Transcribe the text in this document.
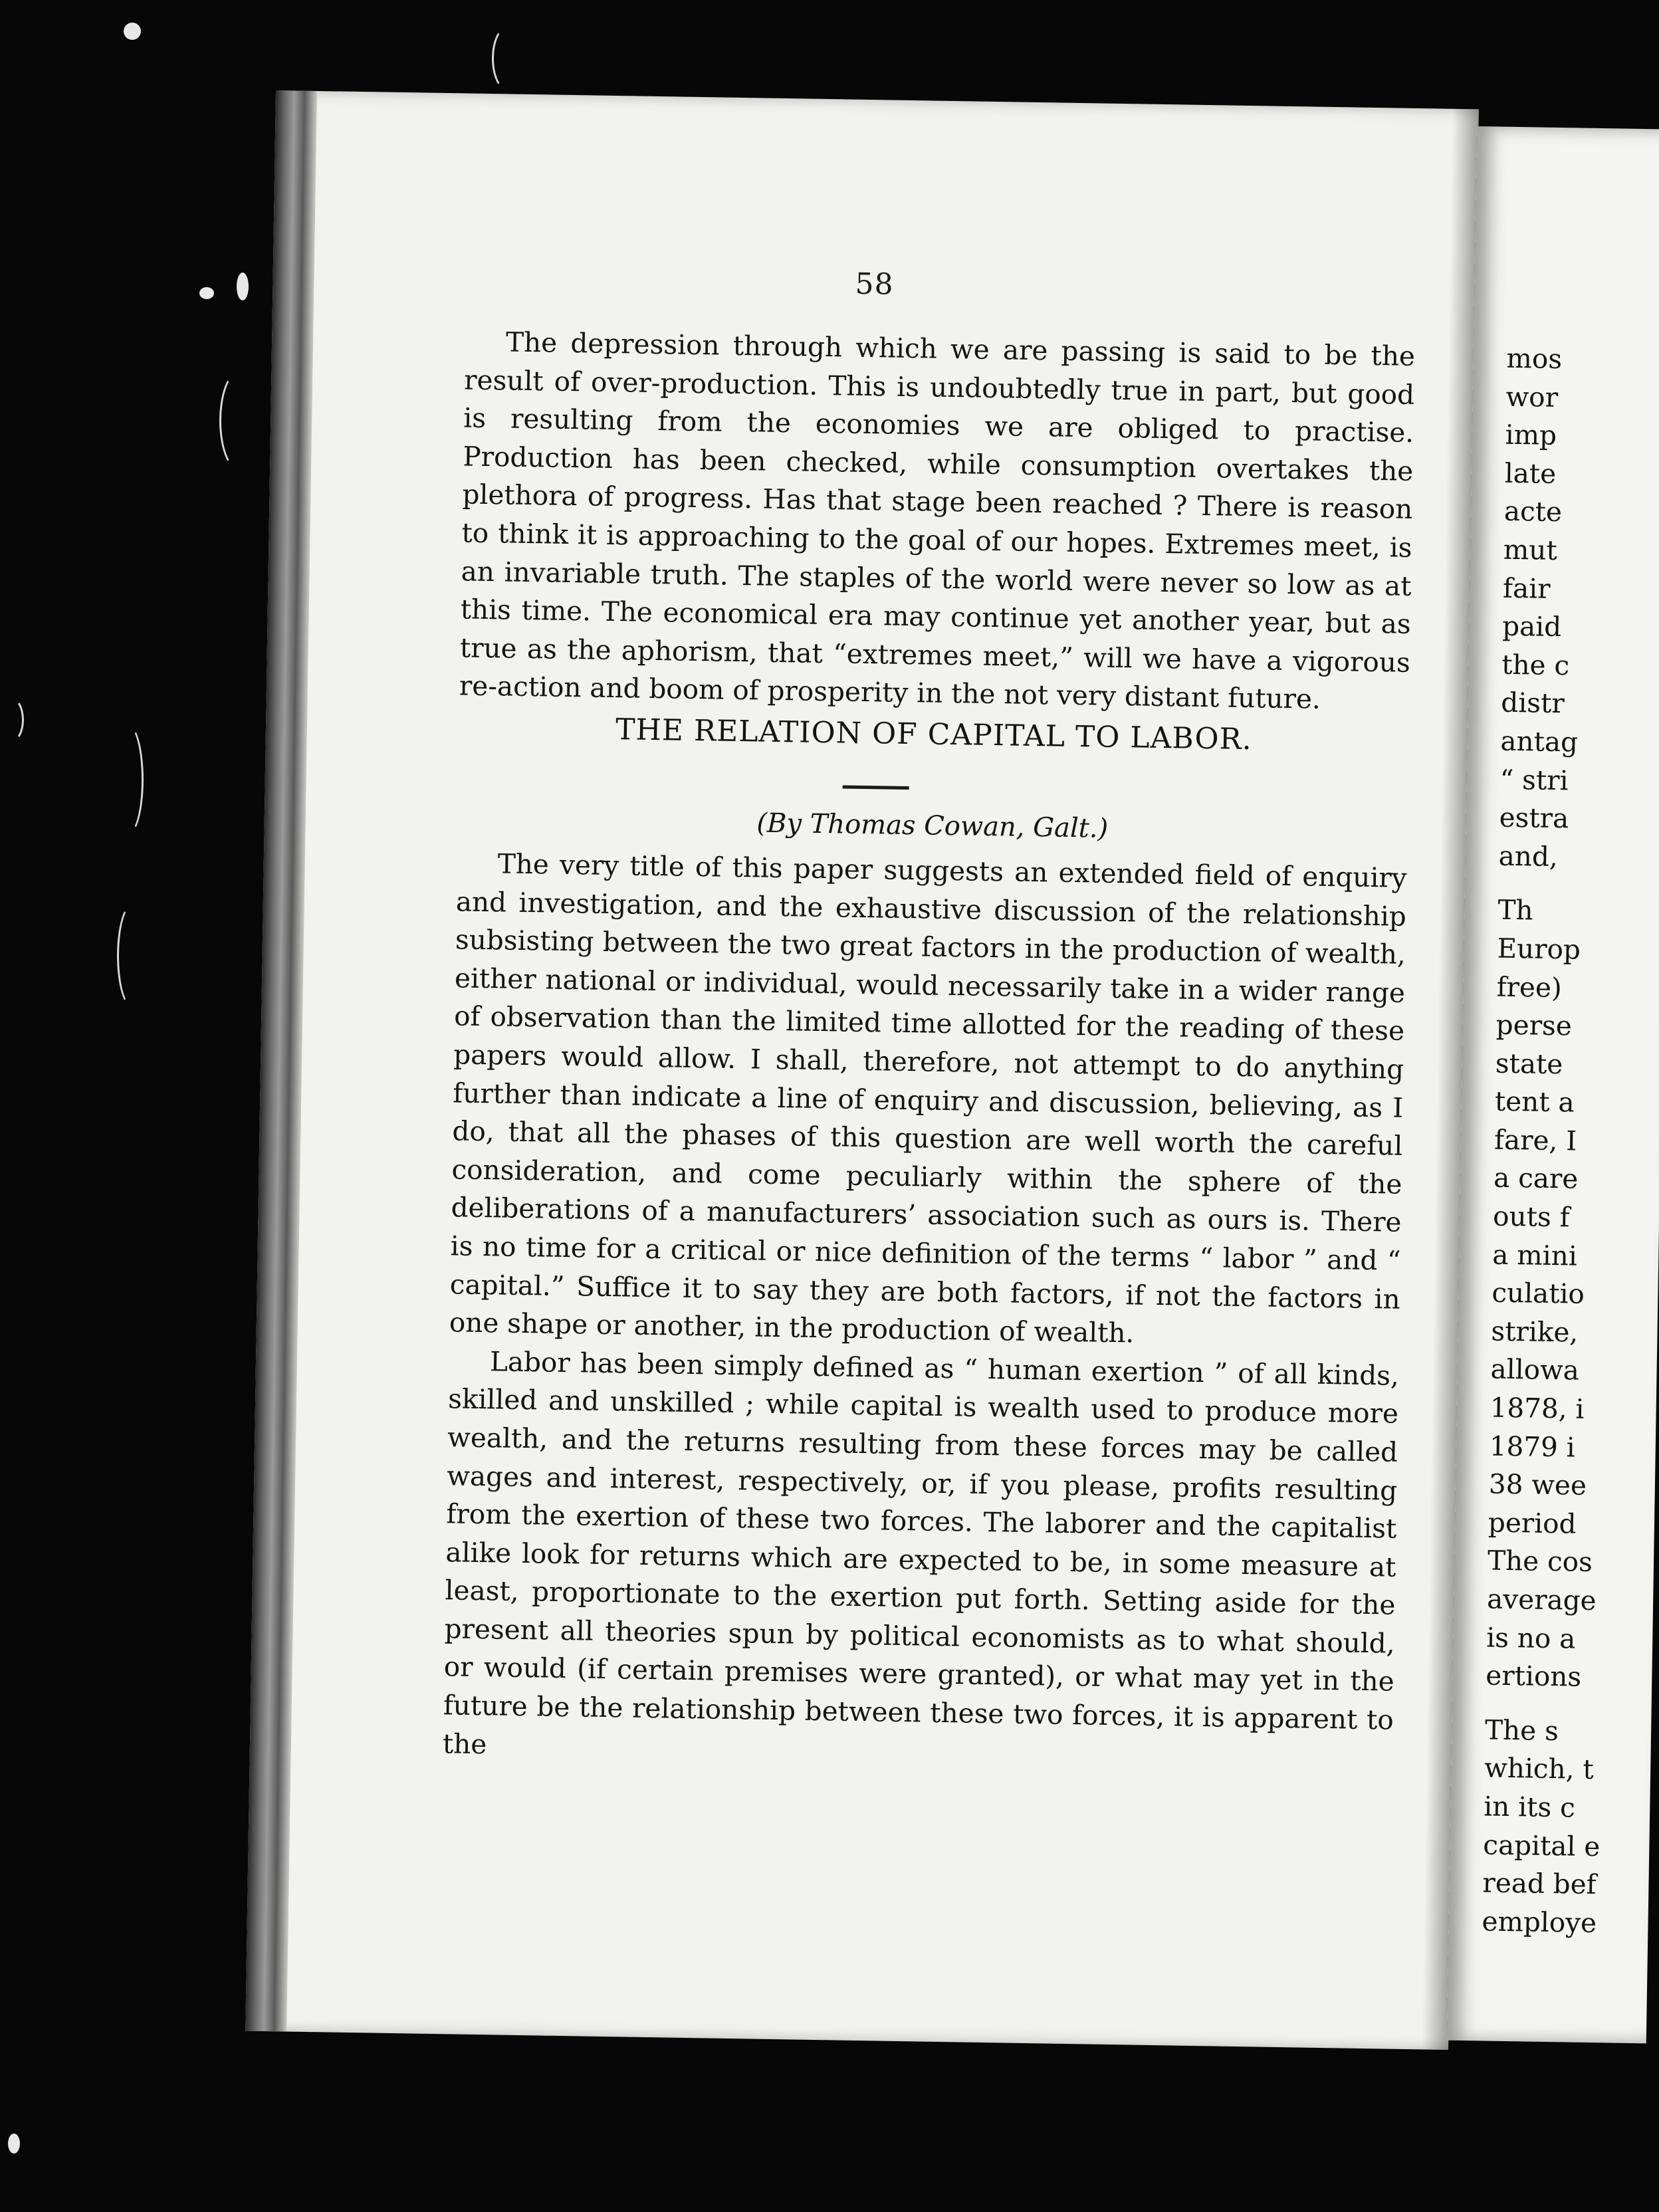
58

The depression through which we are passing is said to be the result of over-production. This is undoubtedly true in part, but good is resulting from the economies we are obliged to practise. Production has been checked, while consumption overtakes the plethora of progress. Has that stage been reached ? There is reason to think it is approaching to the goal of our hopes. Extremes meet, is an invariable truth. The staples of the world were never so low as at this time. The economical era may continue yet another year, but as true as the aphorism, that “extremes meet,” will we have a vigorous re-action and boom of prosperity in the not very distant future.

THE RELATION OF CAPITAL TO LABOR.
(By Thomas Cowan, Galt.)

The very title of this paper suggests an extended field of enquiry and investigation, and the exhaustive discussion of the relationship subsisting between the two great factors in the production of wealth, either national or individual, would necessarily take in a wider range of observation than the limited time allotted for the reading of these papers would allow. I shall, therefore, not attempt to do anything further than indicate a line of enquiry and discussion, believing, as I do, that all the phases of this question are well worth the careful consideration, and come peculiarly within the sphere of the deliberations of a manufacturers’ association such as ours is. There is no time for a critical or nice definition of the terms “ labor ” and “ capital.” Suffice it to say they are both factors, if not the factors in one shape or another, in the production of wealth.

Labor has been simply defined as “ human exertion ” of all kinds, skilled and unskilled ; while capital is wealth used to produce more wealth, and the returns resulting from these forces may be called wages and interest, respectively, or, if you please, profits resulting from the exertion of these two forces. The laborer and the capitalist alike look for returns which are expected to be, in some measure at least, proportionate to the exertion put forth. Setting aside for the present all theories spun by political economists as to what should, or would (if certain premises were granted), or what may yet in the future be the relationship between these two forces, it is apparent to the

mos
wor
imp
late
acte
mut
fair
paid
the c
distr
antag
“ stri
estra
and,
Th
Europ
free)
perse
state
tent a
fare, I
a care
outs f
a mini
culatio
strike,
allowa
1878, i
1879 i
38 wee
period
The cos
average
is no a
ertions
The s
which, t
in its c
capital e
read bef
employe
